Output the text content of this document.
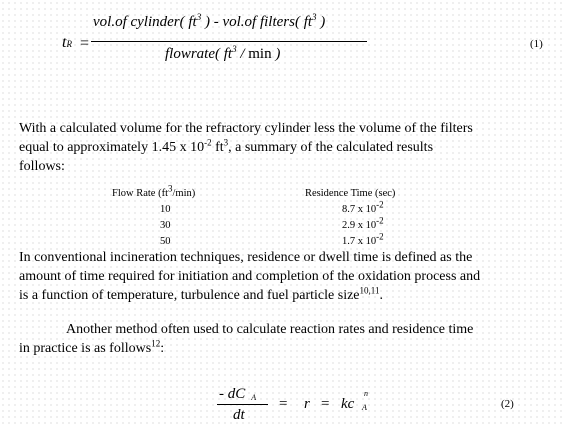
tR =
vol.of cylinder( $ft^3$ ) - vol.of filters( $ft^3$ )
flowrate( $ft^3$ / min )
(1)
With a calculated volume for the refractory cylinder less the volume of the filters
equal to approximately 1.45 x $10^{-2}$ $ft^3$, a summary of the calculated results
follows:
Flow Rate (ft3/min)	Residence Time (sec)
10	8.7 x 10-2
30	2.9 x 10-2
50	1.7 x 10-2
In conventional incineration techniques, residence or dwell time is defined as the
amount of time required for initiation and completion of the oxidation process and
is a function of temperature, turbulence and fuel particle size$^{10,11}$.
Another method often used to calculate reaction rates and residence time
in practice is as follows$^{12}$:
- dC A
dt
= r = kc
n
A	(2)
